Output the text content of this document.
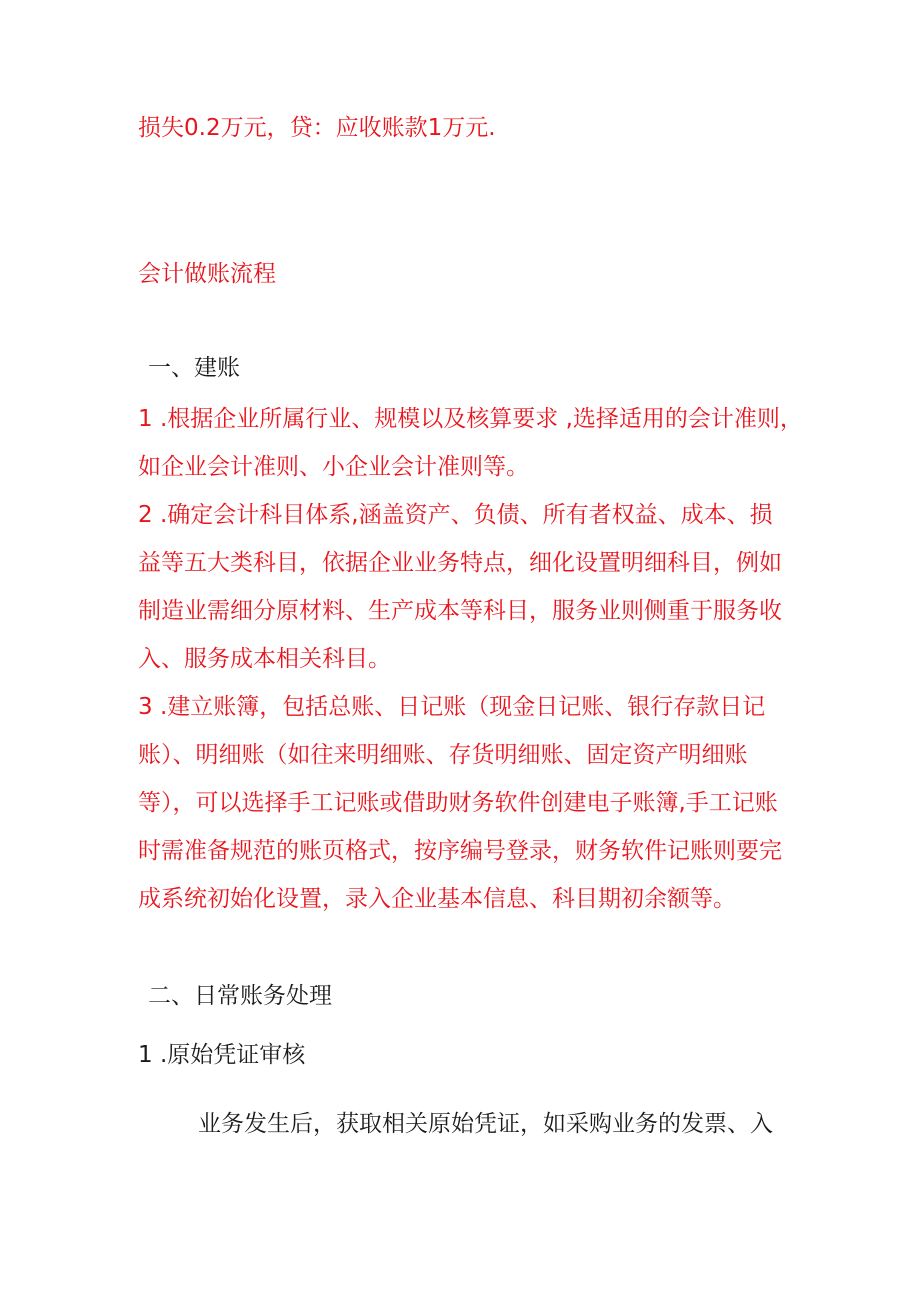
损失0.2万元，贷：应收账款1万元.
会计做账流程
一、建账
1 .根据企业所属行业、规模以及核算要求 ,选择适用的会计准则，
如企业会计准则、小企业会计准则等。
2 .确定会计科目体系,涵盖资产、负债、所有者权益、成本、损
益等五大类科目，依据企业业务特点，细化设置明细科目，例如
制造业需细分原材料、生产成本等科目，服务业则侧重于服务收
入、服务成本相关科目。
3 .建立账簿，包括总账、日记账（现金日记账、银行存款日记
账）、明细账（如往来明细账、存货明细账、固定资产明细账
等），可以选择手工记账或借助财务软件创建电子账簿,手工记账
时需准备规范的账页格式，按序编号登录，财务软件记账则要完
成系统初始化设置，录入企业基本信息、科目期初余额等。
二、日常账务处理
1 .原始凭证审核
业务发生后，获取相关原始凭证，如采购业务的发票、入
